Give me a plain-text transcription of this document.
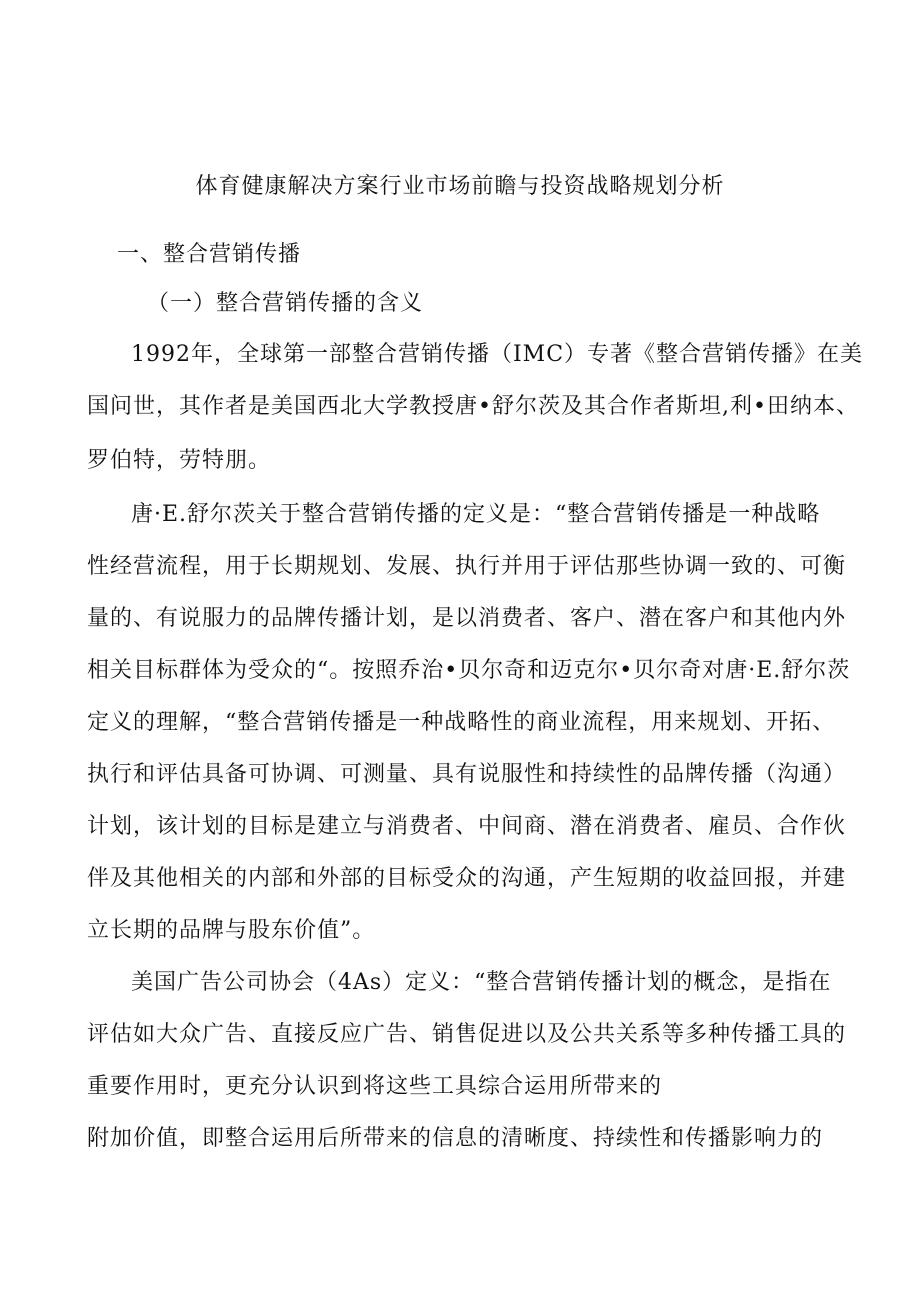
体育健康解决方案行业市场前瞻与投资战略规划分析
一、整合营销传播
（一）整合营销传播的含义
1992年，全球第一部整合营销传播（IMC）专著《整合营销传播》在美
国问世，其作者是美国西北大学教授唐•舒尔茨及其合作者斯坦,利•田纳本、
罗伯特，劳特朋。
唐·E.舒尔茨关于整合营销传播的定义是：“整合营销传播是一种战略
性经营流程，用于长期规划、发展、执行并用于评估那些协调一致的、可衡
量的、有说服力的品牌传播计划，是以消费者、客户、潜在客户和其他内外
相关目标群体为受众的“。按照乔治•贝尔奇和迈克尔•贝尔奇对唐·E.舒尔茨
定义的理解，“整合营销传播是一种战略性的商业流程，用来规划、开拓、
执行和评估具备可协调、可测量、具有说服性和持续性的品牌传播（沟通）
计划，该计划的目标是建立与消费者、中间商、潜在消费者、雇员、合作伙
伴及其他相关的内部和外部的目标受众的沟通，产生短期的收益回报，并建
立长期的品牌与股东价值”。
美国广告公司协会（4As）定义：“整合营销传播计划的概念，是指在
评估如大众广告、直接反应广告、销售促进以及公共关系等多种传播工具的
重要作用时，更充分认识到将这些工具综合运用所带来的
附加价值，即整合运用后所带来的信息的清晰度、持续性和传播影响力的
